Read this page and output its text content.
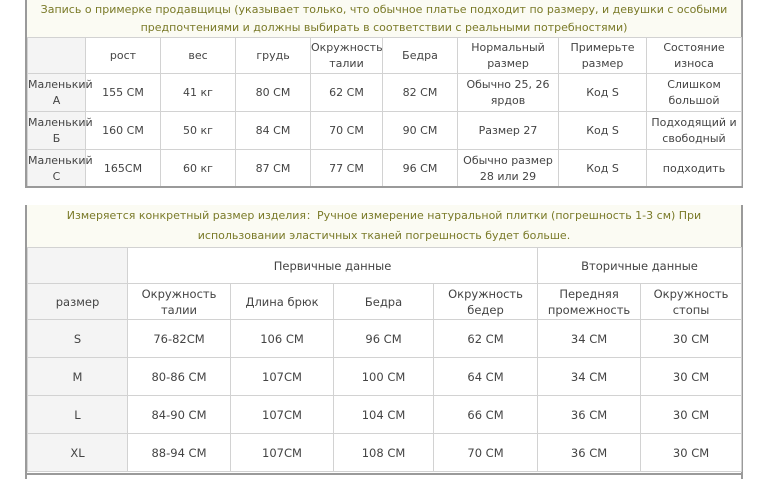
Запись о примерке продавщицы (указывает только, что обычное платье подходит по размеру, и девушки с особыми предпочтениями и должны выбирать в соответствии с реальными потребностями)
	рост	вес	грудь	Окружность талии	Бедра	Нормальный размер	Примерьте размер	Состояние износа
Маленький А	155 CM	41 кг	80 CM	62 CM	82 CM	Обычно 25, 26 ярдов	Код S	Слишком большой
Маленький Б	160 CM	50 кг	84 CM	70 CM	90 CM	Размер 27	Код S	Подходящий и свободный
Маленький С	165CM	60 кг	87 CM	77 CM	96 CM	Обычно размер 28 или 29	Код S	подходить
Измеряется конкретный размер изделия：Ручное измерение натуральной плитки (погрешность 1-3 см) При использовании эластичных тканей погрешность будет больше.
	Первичные данные				Вторичные данные	
размер	Окружность талии	Длина брюк	Бедра	Окружность бедер	Передняя промежность	Окружность стопы
S	76-82CM	106 CM	96 CM	62 CM	34 CM	30 CM
M	80-86 CM	107CM	100 CM	64 CM	34 CM	30 CM
L	84-90 CM	107CM	104 CM	66 CM	36 CM	30 CM
XL	88-94 CM	107CM	108 CM	70 CM	36 CM	30 CM
